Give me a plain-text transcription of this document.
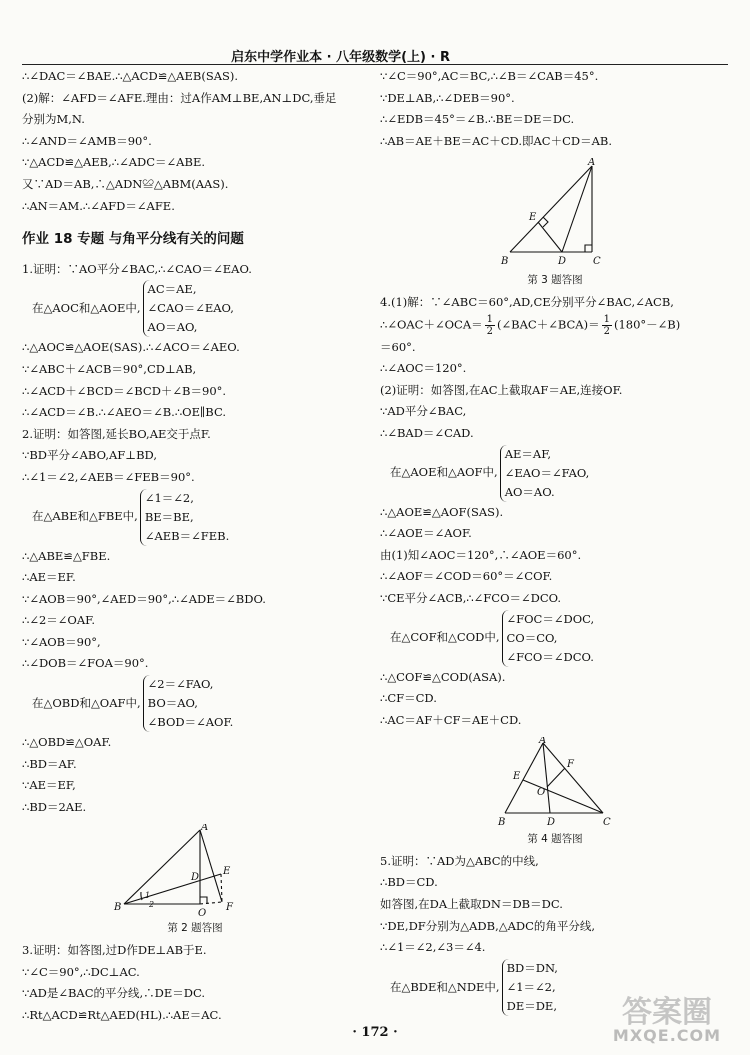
启东中学作业本 · 八年级数学(上) · R
∴∠DAC＝∠BAE.∴△ACD≌△AEB(SAS).
(2)解：∠AFD＝∠AFE.理由：过A作AM⊥BE,AN⊥DC,垂足
分别为M,N.
∴∠AND＝∠AMB＝90°.
∵△ACD≌△AEB,∴∠ADC＝∠ABE.
又∵AD＝AB,∴△ADN≌△ABM(AAS).
∴AN＝AM.∴∠AFD＝∠AFE.
作业 18 专题 与角平分线有关的问题
1.证明：∵AO平分∠BAC,∴∠CAO＝∠EAO.
在△AOC和△AOE中,
AC＝AE,
∠CAO＝∠EAO,
AO＝AO,
∴△AOC≌△AOE(SAS).∴∠ACO＝∠AEO.
∵∠ABC＋∠ACB＝90°,CD⊥AB,
∴∠ACD＋∠BCD＝∠BCD＋∠B＝90°.
∴∠ACD＝∠B.∴∠AEO＝∠B.∴OE∥BC.
2.证明：如答图,延长BO,AE交于点F.
∵BD平分∠ABO,AF⊥BD,
∴∠1＝∠2,∠AEB＝∠FEB＝90°.
在△ABE和△FBE中,
∠1＝∠2,
BE＝BE,
∠AEB＝∠FEB.
∴△ABE≌△FBE.
∴AE＝EF.
∵∠AOB＝90°,∠AED＝90°,∴∠ADE＝∠BDO.
∴∠2＝∠OAF.
∵∠AOB＝90°,
∴∠DOB＝∠FOA＝90°.
在△OBD和△OAF中,
∠2＝∠FAO,
BO＝AO,
∠BOD＝∠AOF.
∴△OBD≌△OAF.
∴BD＝AF.
∵AE＝EF,
∴BD＝2AE.
A
B
O
D
E
F
1
2
第 2 题答图
3.证明：如答图,过D作DE⊥AB于E.
∵∠C＝90°,∴DC⊥AC.
∵AD是∠BAC的平分线,∴DE＝DC.
∴Rt△ACD≌Rt△AED(HL).∴AE＝AC.
∵∠C＝90°,AC＝BC,∴∠B＝∠CAB＝45°.
∵DE⊥AB,∴∠DEB＝90°.
∴∠EDB＝45°＝∠B.∴BE＝DE＝DC.
∴AB＝AE＋BE＝AC＋CD.即AC＋CD＝AB.
A
B	C
D
E
第 3 题答图
4.(1)解：∵∠ABC＝60°,AD,CE分别平分∠BAC,∠ACB,
∴∠OAC＋∠OCA＝ $\frac{1}{2}$ (∠BAC＋∠BCA)＝ $\frac{1}{2}$ (180°－∠B)
＝60°.
∴∠AOC＝120°.
(2)证明：如答图,在AC上截取AF＝AE,连接OF.
∵AD平分∠BAC,
∴∠BAD＝∠CAD.
在△AOE和△AOF中,
AE＝AF,
∠EAO＝∠FAO,
AO＝AO.
∴△AOE≌△AOF(SAS).
∴∠AOE＝∠AOF.
由(1)知∠AOC＝120°,∴∠AOE＝60°.
∴∠AOF＝∠COD＝60°＝∠COF.
∵CE平分∠ACB,∴∠FCO＝∠DCO.
在△COF和△COD中,
∠FOC＝∠DOC,
CO＝CO,
∠FCO＝∠DCO.
∴△COF≌△COD(ASA).
∴CF＝CD.
∴AC＝AF＋CF＝AE＋CD.
A
B	C
D
E
F
O
第 4 题答图
5.证明：∵AD为△ABC的中线,
∴BD＝CD.
如答图,在DA上截取DN＝DB＝DC.
∵DE,DF分别为△ADB,△ADC的角平分线,
∴∠1＝∠2,∠3＝∠4.
在△BDE和△NDE中,
BD＝DN,
∠1＝∠2,
DE＝DE,
· 172 ·
答案圈
MXQE.COM
